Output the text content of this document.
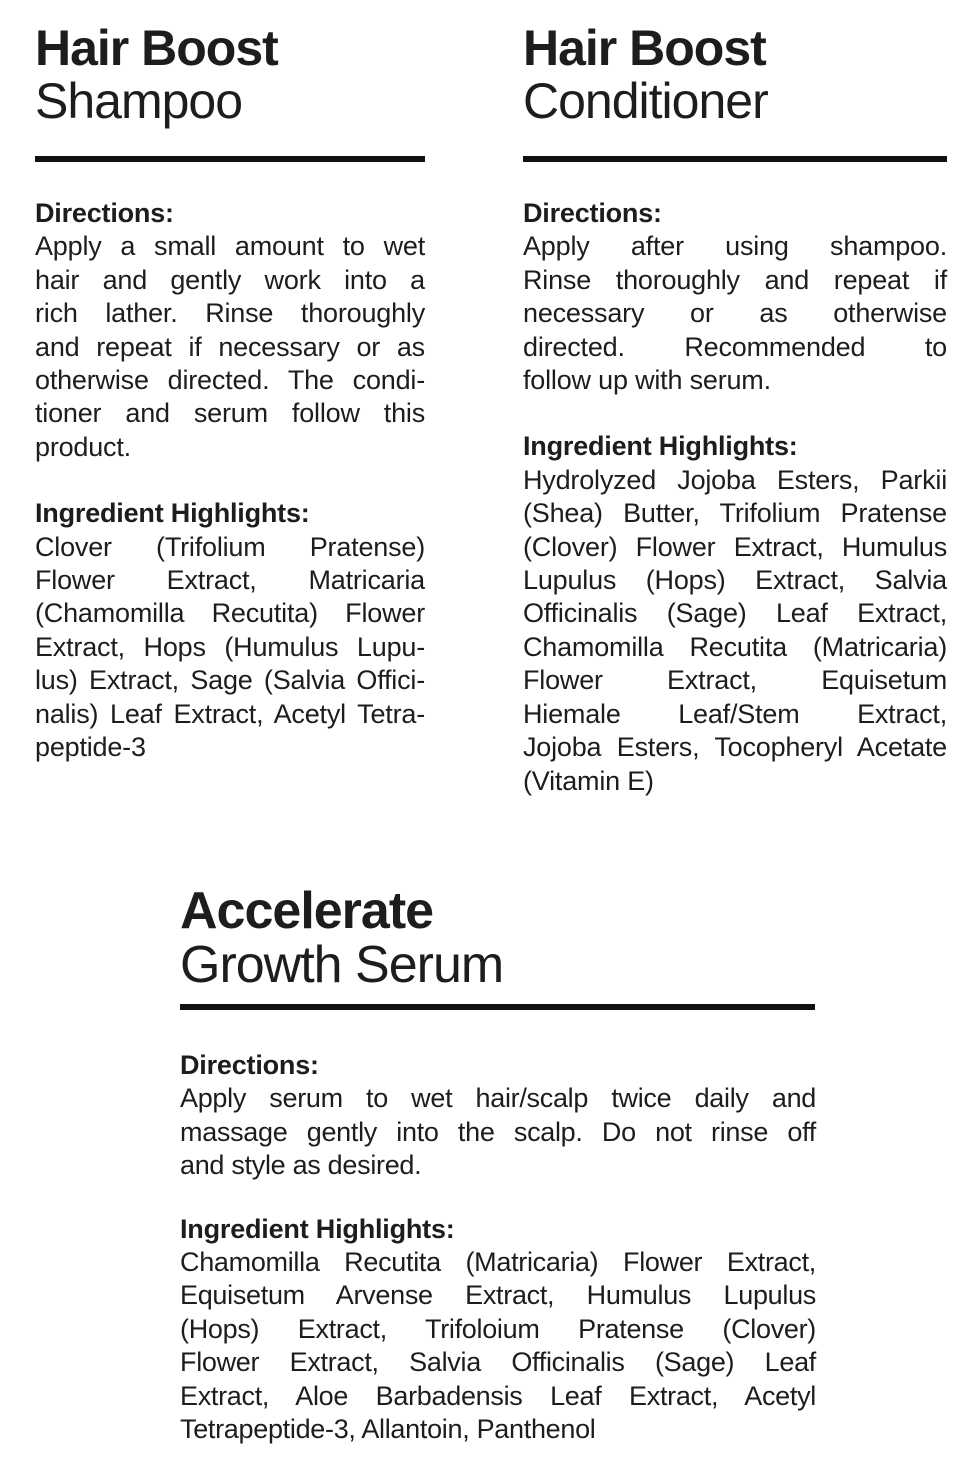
Hair Boost
Shampoo
Directions:
Apply a small amount to wet
hair and gently work into a
rich lather. Rinse thoroughly
and repeat if necessary or as
otherwise directed. The condi-
tioner and serum follow this
product.
Ingredient Highlights:
Clover (Trifolium Pratense)
Flower Extract, Matricaria
(Chamomilla Recutita) Flower
Extract, Hops (Humulus Lupu-
lus) Extract, Sage (Salvia Offici-
nalis) Leaf Extract, Acetyl Tetra-
peptide-3
Hair Boost
Conditioner
Directions:
Apply after using shampoo.
Rinse thoroughly and repeat if
necessary or as otherwise
directed. Recommended to
follow up with serum.
Ingredient Highlights:
Hydrolyzed Jojoba Esters, Parkii
(Shea) Butter, Trifolium Pratense
(Clover) Flower Extract, Humulus
Lupulus (Hops) Extract, Salvia
Officinalis (Sage) Leaf Extract,
Chamomilla Recutita (Matricaria)
Flower Extract, Equisetum
Hiemale Leaf/Stem Extract,
Jojoba Esters, Tocopheryl Acetate
(Vitamin E)
Accelerate
Growth Serum
Directions:
Apply serum to wet hair/scalp twice daily and
massage gently into the scalp. Do not rinse off
and style as desired.
Ingredient Highlights:
Chamomilla Recutita (Matricaria) Flower Extract,
Equisetum Arvense Extract, Humulus Lupulus
(Hops) Extract, Trifoloium Pratense (Clover)
Flower Extract, Salvia Officinalis (Sage) Leaf
Extract, Aloe Barbadensis Leaf Extract, Acetyl
Tetrapeptide-3, Allantoin, Panthenol
